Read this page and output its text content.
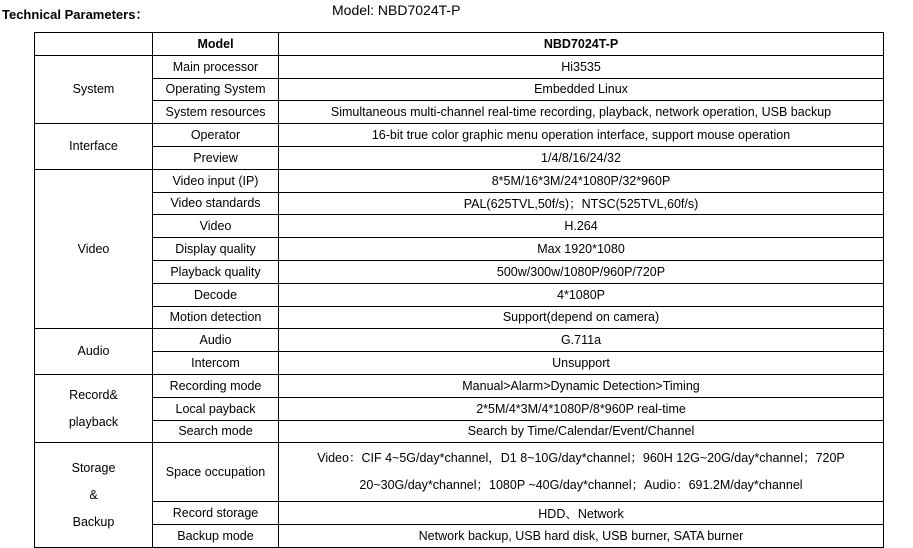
Technical Parameters：	Model: NBD7024T-P
	Model	NBD7024T-P

System	Main processor	Hi3535
	Operating System	Embedded Linux
	System resources	Simultaneous multi-channel real-time recording, playback, network operation, USB backup

Interface	Operator	16-bit true color graphic menu operation interface, support mouse operation
	Preview	1/4/8/16/24/32

Video	Video input (IP)	8*5M/16*3M/24*1080P/32*960P
	Video standards	PAL(625TVL,50f/s)；NTSC(525TVL,60f/s)
	Video	H.264
	Display quality	Max 1920*1080
	Playback quality	500w/300w/1080P/960P/720P
	Decode	4*1080P
	Motion detection	Support(depend on camera)

Audio	Audio	G.711a
	Intercom	Unsupport

Record&
playback	Recording mode	Manual>Alarm>Dynamic Detection>Timing
	Local payback	2*5M/4*3M/4*1080P/8*960P real-time
	Search mode	Search by Time/Calendar/Event/Channel

Storage
&
Backup	Space occupation	Video：CIF 4~5G/day*channel，D1 8~10G/day*channel；960H 12G~20G/day*channel；720P 20~30G/day*channel；1080P ~40G/day*channel；Audio：691.2M/day*channel
	Record storage	HDD、Network
	Backup mode	Network backup, USB hard disk, USB burner, SATA burner
